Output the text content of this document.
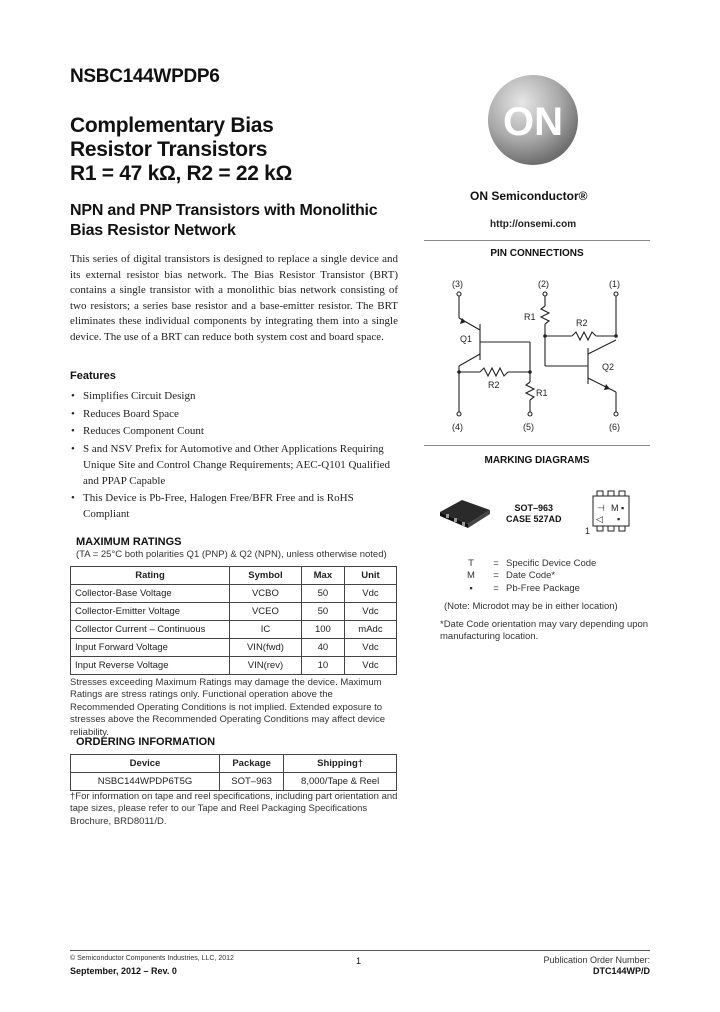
NSBC144WPDP6
Complementary Bias
Resistor Transistors
R1 = 47 kΩ, R2 = 22 kΩ
NPN and PNP Transistors with Monolithic
Bias Resistor Network
This series of digital transistors is designed to replace a single device and its external resistor bias network. The Bias Resistor Transistor (BRT) contains a single transistor with a monolithic bias network consisting of two resistors; a series base resistor and a base-emitter resistor. The BRT eliminates these individual components by integrating them into a single device. The use of a BRT can reduce both system cost and board space.
Features
• Simplifies Circuit Design
• Reduces Board Space
• Reduces Component Count
• S and NSV Prefix for Automotive and Other Applications Requiring Unique Site and Control Change Requirements; AEC-Q101 Qualified and PPAP Capable
• This Device is Pb-Free, Halogen Free/BFR Free and is RoHS Compliant
MAXIMUM RATINGS
(TA = 25°C both polarities Q1 (PNP) & Q2 (NPN), unless otherwise noted)
Rating	Symbol	Max	Unit
Collector-Base Voltage	VCBO	50	Vdc
Collector-Emitter Voltage	VCEO	50	Vdc
Collector Current – Continuous	IC	100	mAdc
Input Forward Voltage	VIN(fwd)	40	Vdc
Input Reverse Voltage	VIN(rev)	10	Vdc
Stresses exceeding Maximum Ratings may damage the device. Maximum Ratings are stress ratings only. Functional operation above the Recommended Operating Conditions is not implied. Extended exposure to stresses above the Recommended Operating Conditions may affect device reliability.
ORDERING INFORMATION
Device	Package	Shipping†
NSBC144WPDP6T5G	SOT–963	8,000/Tape & Reel
†For information on tape and reel specifications, including part orientation and tape sizes, please refer to our Tape and Reel Packaging Specifications Brochure, BRD8011/D.
ON
ON Semiconductor®
http://onsemi.com
PIN CONNECTIONS
(3)	(2)	(1)
(4)	(5)	(6)
R1
R2
Q1
Q2
R2
R1
MARKING DIAGRAMS
SOT–963
CASE 527AD
⊣ M ▪
◁ ▪
1
T	= Specific Device Code
M	= Date Code*
▪	= Pb-Free Package
(Note: Microdot may be in either location)
*Date Code orientation may vary depending upon manufacturing location.
© Semiconductor Components Industries, LLC, 2012
September, 2012 – Rev. 0
1	Publication Order Number:
DTC144WP/D
